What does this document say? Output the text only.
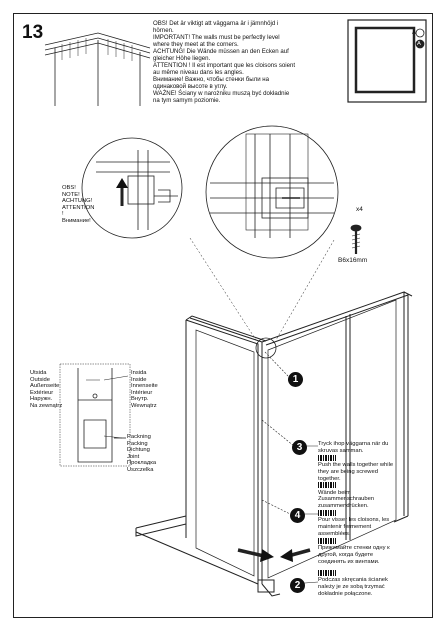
13	OBS! Det är viktigt att väggarna är i jämnhöjd i
hörnen.
IMPORTANT! The walls must be perfectly level
where they meet at the corners.
ACHTUNG! Die Wände müssen an den Ecken auf
gleicher Höhe liegen.
ATTENTION ! Il est important que les cloisons soient
au même niveau dans les angles.
Внимание! Важно, чтобы стенки были на
одинаковой высоте в углу.
WAŻNE! Ściany w narożniku muszą być dokładnie
na tym samym poziomie.
OBS!
NOTE!
ACHTUNG!
ATTENTION
!
Внимание!
A
A
x4
B6x16mm
Utsida
Outside
Außenseite
Extérieur
Наружн.
Na zewnątrz
Insida
Inside
Innenseite
Intérieur
Внутр.
Wewnątrz
Packning
Packing
Dichtung
Joint
Прокладка
Uszczelka
1
2
3
4
Tryck ihop väggarna när du
skruvas samman.
Push the walls together while
they are being screwed
together.
Wände beim
Zusammenschrauben
zusammendrücken.
Pour visser les cloisons, les
maintenir fermement
assemblées.
Прижимайте стенки одну к
другой, когда будете
соединять их винтами.
Podczas skręcania ścianek
należy je ze sobą trzymać
dokładnie połączone.
